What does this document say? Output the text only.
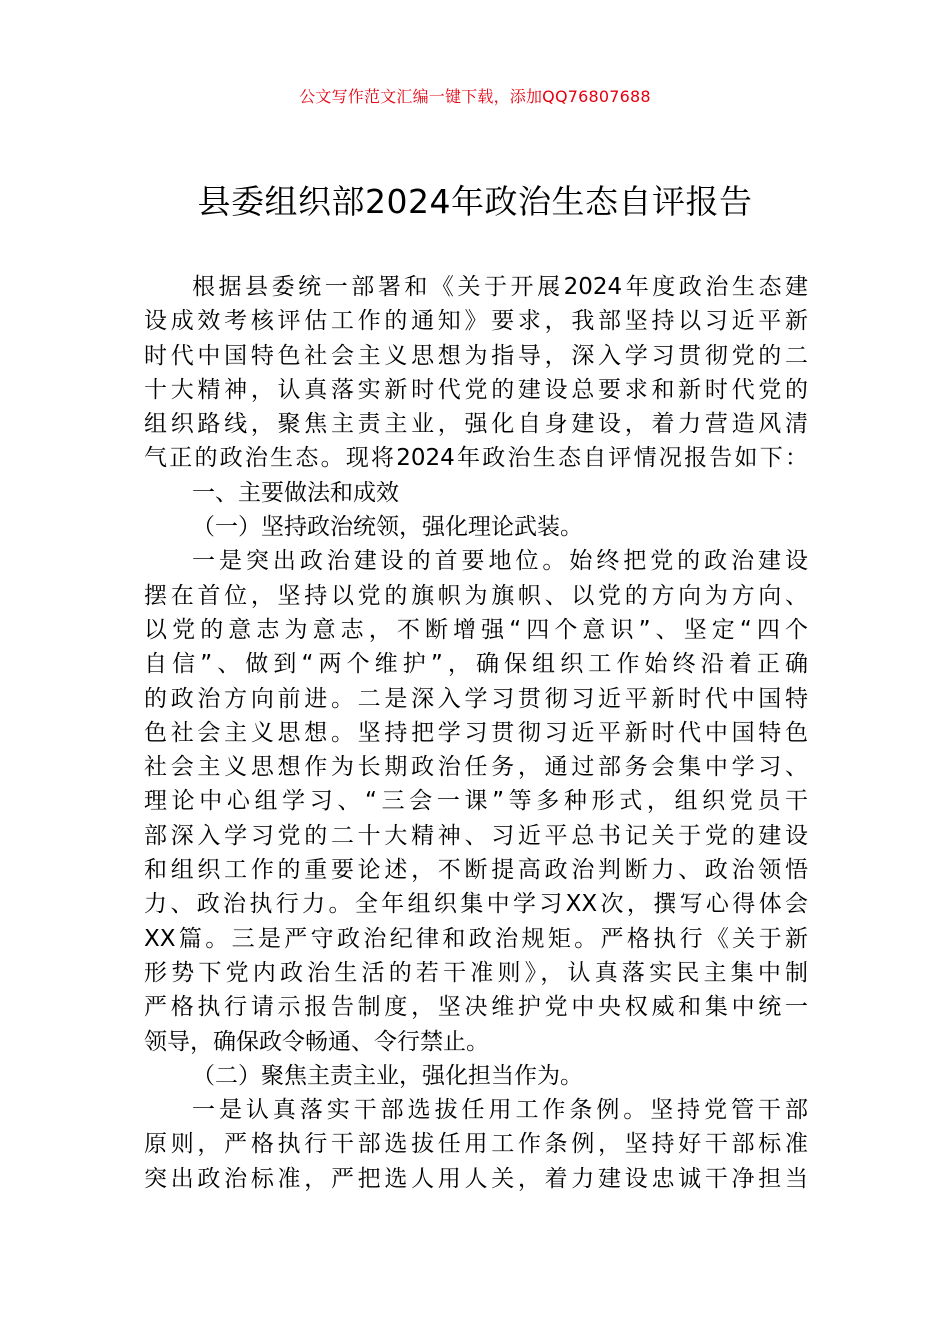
公文写作范文汇编一键下载，添加QQ76807688
县委组织部2024年政治生态自评报告
根据县委统一部署和《关于开展2024年度政治生态建
设成效考核评估工作的通知》要求，我部坚持以习近平新
时代中国特色社会主义思想为指导，深入学习贯彻党的二
十大精神，认真落实新时代党的建设总要求和新时代党的
组织路线，聚焦主责主业，强化自身建设，着力营造风清
气正的政治生态。现将2024年政治生态自评情况报告如下：
一、主要做法和成效
（一）坚持政治统领，强化理论武装。
一是突出政治建设的首要地位。始终把党的政治建设
摆在首位，坚持以党的旗帜为旗帜、以党的方向为方向、
以党的意志为意志，不断增强“四个意识”、坚定“四个
自信”、做到“两个维护”，确保组织工作始终沿着正确
的政治方向前进。二是深入学习贯彻习近平新时代中国特
色社会主义思想。坚持把学习贯彻习近平新时代中国特色
社会主义思想作为长期政治任务，通过部务会集中学习、
理论中心组学习、“三会一课”等多种形式，组织党员干
部深入学习党的二十大精神、习近平总书记关于党的建设
和组织工作的重要论述，不断提高政治判断力、政治领悟
力、政治执行力。全年组织集中学习XX次，撰写心得体会
XX篇。三是严守政治纪律和政治规矩。严格执行《关于新
形势下党内政治生活的若干准则》，认真落实民主集中制
严格执行请示报告制度，坚决维护党中央权威和集中统一
领导，确保政令畅通、令行禁止。
（二）聚焦主责主业，强化担当作为。
一是认真落实干部选拔任用工作条例。坚持党管干部
原则，严格执行干部选拔任用工作条例，坚持好干部标准
突出政治标准，严把选人用人关，着力建设忠诚干净担当
